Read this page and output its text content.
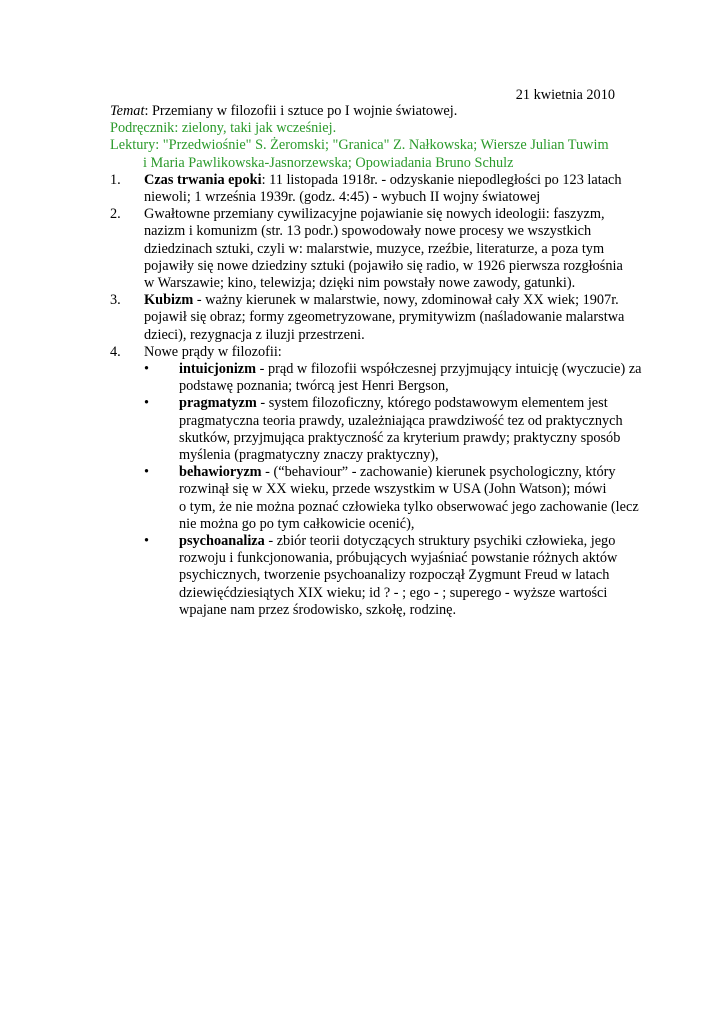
21 kwietnia 2010
Temat: Przemiany w filozofii i sztuce po I wojnie światowej.
Podręcznik: zielony, taki jak wcześniej.
Lektury: "Przedwiośnie" S. Żeromski; "Granica" Z. Nałkowska; Wiersze Julian Tuwim
i Maria Pawlikowska-Jasnorzewska; Opowiadania Bruno Schulz
1. Czas trwania epoki: 11 listopada 1918r. - odzyskanie niepodległości po 123 latach
niewoli; 1 września 1939r. (godz. 4:45) - wybuch II wojny światowej
2. Gwałtowne przemiany cywilizacyjne pojawianie się nowych ideologii: faszyzm,
nazizm i komunizm (str. 13 podr.) spowodowały nowe procesy we wszystkich
dziedzinach sztuki, czyli w: malarstwie, muzyce, rzeźbie, literaturze, a poza tym
pojawiły się nowe dziedziny sztuki (pojawiło się radio, w 1926 pierwsza rozgłośnia
w Warszawie; kino, telewizja; dzięki nim powstały nowe zawody, gatunki).
3. Kubizm - ważny kierunek w malarstwie, nowy, zdominował cały XX wiek; 1907r.
pojawił się obraz; formy zgeometryzowane, prymitywizm (naśladowanie malarstwa
dzieci), rezygnacja z iluzji przestrzeni.
4. Nowe prądy w filozofii:
• intuicjonizm - prąd w filozofii współczesnej przyjmujący intuicję (wyczucie) za
podstawę poznania; twórcą jest Henri Bergson,
• pragmatyzm - system filozoficzny, którego podstawowym elementem jest
pragmatyczna teoria prawdy, uzależniająca prawdziwość tez od praktycznych
skutków, przyjmująca praktyczność za kryterium prawdy; praktyczny sposób
myślenia (pragmatyczny znaczy praktyczny),
• behawioryzm - (“behaviour” - zachowanie) kierunek psychologiczny, który
rozwinął się w XX wieku, przede wszystkim w USA (John Watson); mówi
o tym, że nie można poznać człowieka tylko obserwować jego zachowanie (lecz
nie można go po tym całkowicie ocenić),
• psychoanaliza - zbiór teorii dotyczących struktury psychiki człowieka, jego
rozwoju i funkcjonowania, próbujących wyjaśniać powstanie różnych aktów
psychicznych, tworzenie psychoanalizy rozpoczął Zygmunt Freud w latach
dziewięćdziesiątych XIX wieku; id ? - ; ego - ; superego - wyższe wartości
wpajane nam przez środowisko, szkołę, rodzinę.
